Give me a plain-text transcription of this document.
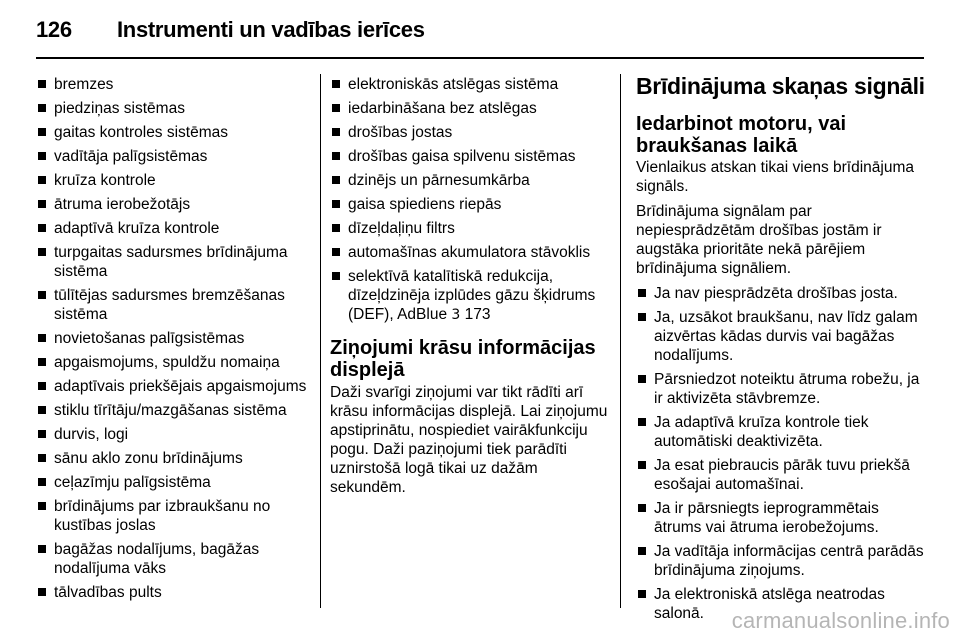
126 Instrumenti un vadības ierīces
bremzes
piedziņas sistēmas
gaitas kontroles sistēmas
vadītāja palīgsistēmas
kruīza kontrole
ātruma ierobežotājs
adaptīvā kruīza kontrole
turpgaitas sadursmes brīdinājuma sistēma
tūlītējas sadursmes bremzēšanas sistēma
novietošanas palīgsistēmas
apgaismojums, spuldžu nomaiņa
adaptīvais priekšējais apgaismojums
stiklu tīrītāju/mazgāšanas sistēma
durvis, logi
sānu aklo zonu brīdinājums
ceļazīmju palīgsistēma
brīdinājums par izbraukšanu no kustības joslas
bagāžas nodalījums, bagāžas nodalījuma vāks
tālvadības pults
elektroniskās atslēgas sistēma
iedarbināšana bez atslēgas
drošības jostas
drošības gaisa spilvenu sistēmas
dzinējs un pārnesumkārba
gaisa spiediens riepās
dīzeļdaļiņu filtrs
automašīnas akumulatora stāvoklis
selektīvā katalītiskā redukcija, dīzeļdzinēja izplūdes gāzu šķidrums (DEF), AdBlue 3 173
Ziņojumi krāsu informācijas displejā

Daži svarīgi ziņojumi var tikt rādīti arī krāsu informācijas displejā. Lai ziņojumu apstiprinātu, nospiediet vairākfunkciju pogu. Daži paziņojumi tiek parādīti uznirstošā logā tikai uz dažām sekundēm.

Brīdinājuma skaņas signāli
Iedarbinot motoru, vai braukšanas laikā

Vienlaikus atskan tikai viens brīdinājuma signāls.

Brīdinājuma signālam par nepiesprādzētām drošības jostām ir augstāka prioritāte nekā pārējiem brīdinājuma signāliem.

Ja nav piesprādzēta drošības josta.
Ja, uzsākot braukšanu, nav līdz galam aizvērtas kādas durvis vai bagāžas nodalījums.
Pārsniedzot noteiktu ātruma robežu, ja ir aktivizēta stāvbremze.
Ja adaptīvā kruīza kontrole tiek automātiski deaktivizēta.
Ja esat piebraucis pārāk tuvu priekšā esošajai automašīnai.
Ja ir pārsniegts ieprogrammētais ātrums vai ātruma ierobežojums.
Ja vadītāja informācijas centrā parādās brīdinājuma ziņojums.
Ja elektroniskā atslēga neatrodas salonā.	carmanualsonline.info
